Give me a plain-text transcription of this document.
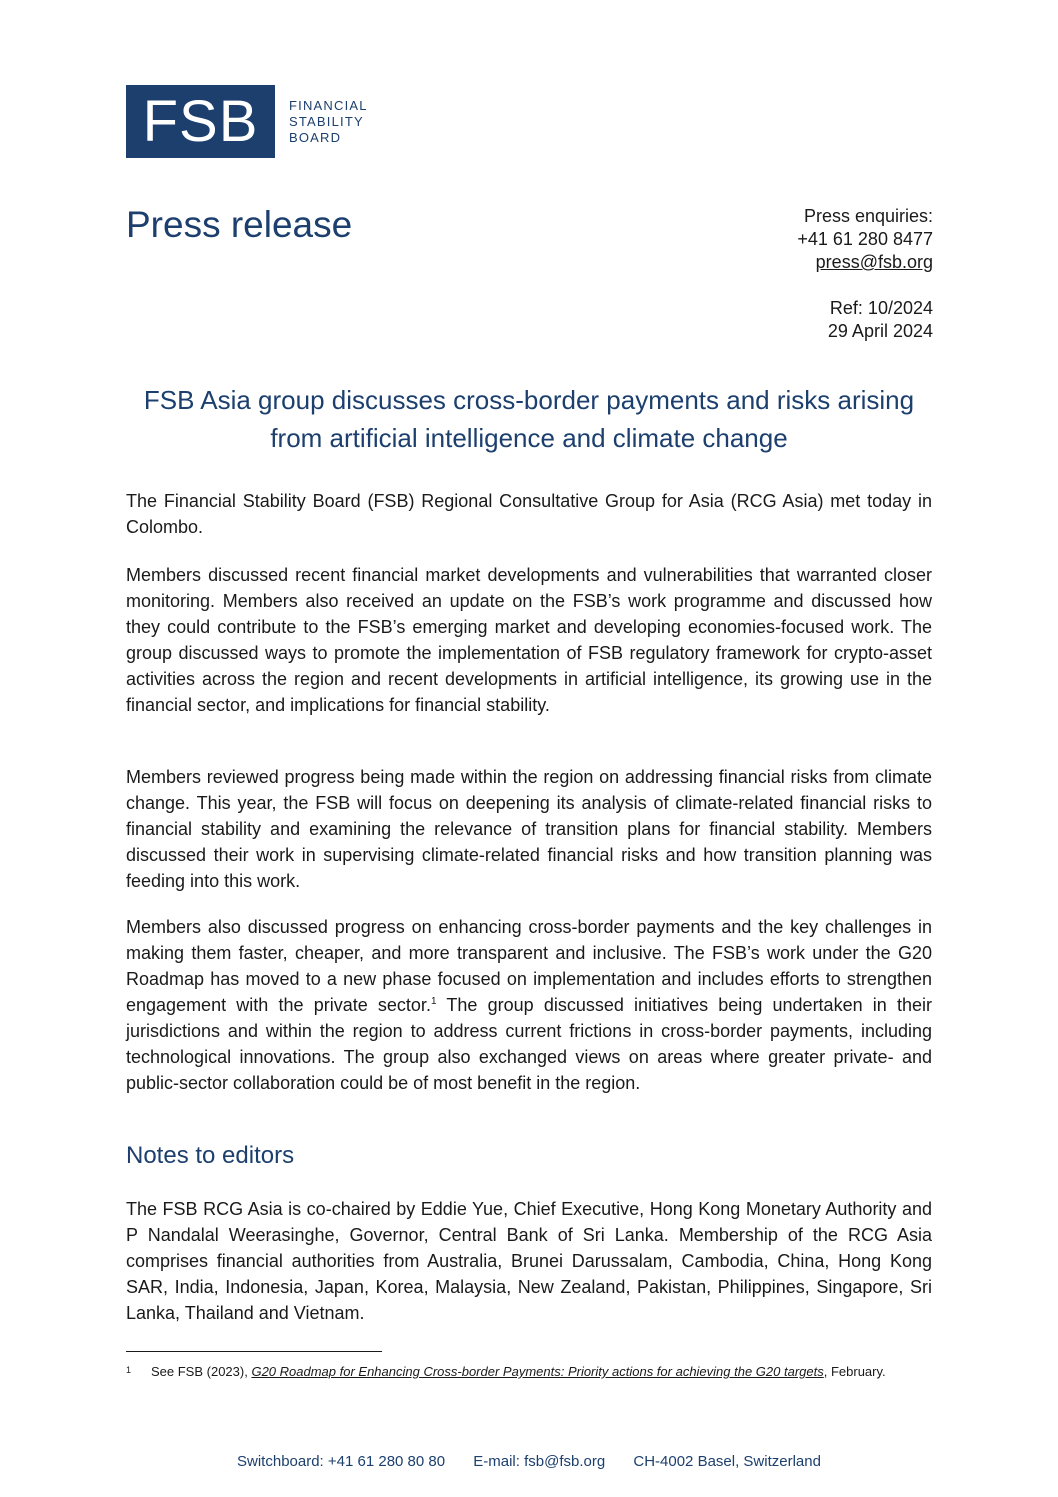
FSB	FINANCIAL
STABILITY
BOARD
Press release	Press enquiries:
+41 61 280 8477
press@fsb.org
Ref: 10/2024
29 April 2024
FSB Asia group discusses cross-border payments and risks arising from artificial intelligence and climate change

The Financial Stability Board (FSB) Regional Consultative Group for Asia (RCG Asia) met today in Colombo.

Members discussed recent financial market developments and vulnerabilities that warranted closer monitoring. Members also received an update on the FSB’s work programme and discussed how they could contribute to the FSB’s emerging market and developing economies-focused work. The group discussed ways to promote the implementation of FSB regulatory framework for crypto-asset activities across the region and recent developments in artificial intelligence, its growing use in the financial sector, and implications for financial stability.

Members reviewed progress being made within the region on addressing financial risks from climate change. This year, the FSB will focus on deepening its analysis of climate-related financial risks to financial stability and examining the relevance of transition plans for financial stability. Members discussed their work in supervising climate-related financial risks and how transition planning was feeding into this work.

Members also discussed progress on enhancing cross-border payments and the key challenges in making them faster, cheaper, and more transparent and inclusive. The FSB’s work under the G20 Roadmap has moved to a new phase focused on implementation and includes efforts to strengthen engagement with the private sector.$^1$ The group discussed initiatives being undertaken in their jurisdictions and within the region to address current frictions in cross-border payments, including technological innovations. The group also exchanged views on areas where greater private- and public-sector collaboration could be of most benefit in the region.

Notes to editors

The FSB RCG Asia is co-chaired by Eddie Yue, Chief Executive, Hong Kong Monetary Authority and P Nandalal Weerasinghe, Governor, Central Bank of Sri Lanka. Membership of the RCG Asia comprises financial authorities from Australia, Brunei Darussalam, Cambodia, China, Hong Kong SAR, India, Indonesia, Japan, Korea, Malaysia, New Zealand, Pakistan, Philippines, Singapore, Sri Lanka, Thailand and Vietnam.

1 See FSB (2023), G20 Roadmap for Enhancing Cross-border Payments: Priority actions for achieving the G20 targets, February.
Switchboard: +41 61 280 80 80 E-mail: fsb@fsb.org CH-4002 Basel, Switzerland
